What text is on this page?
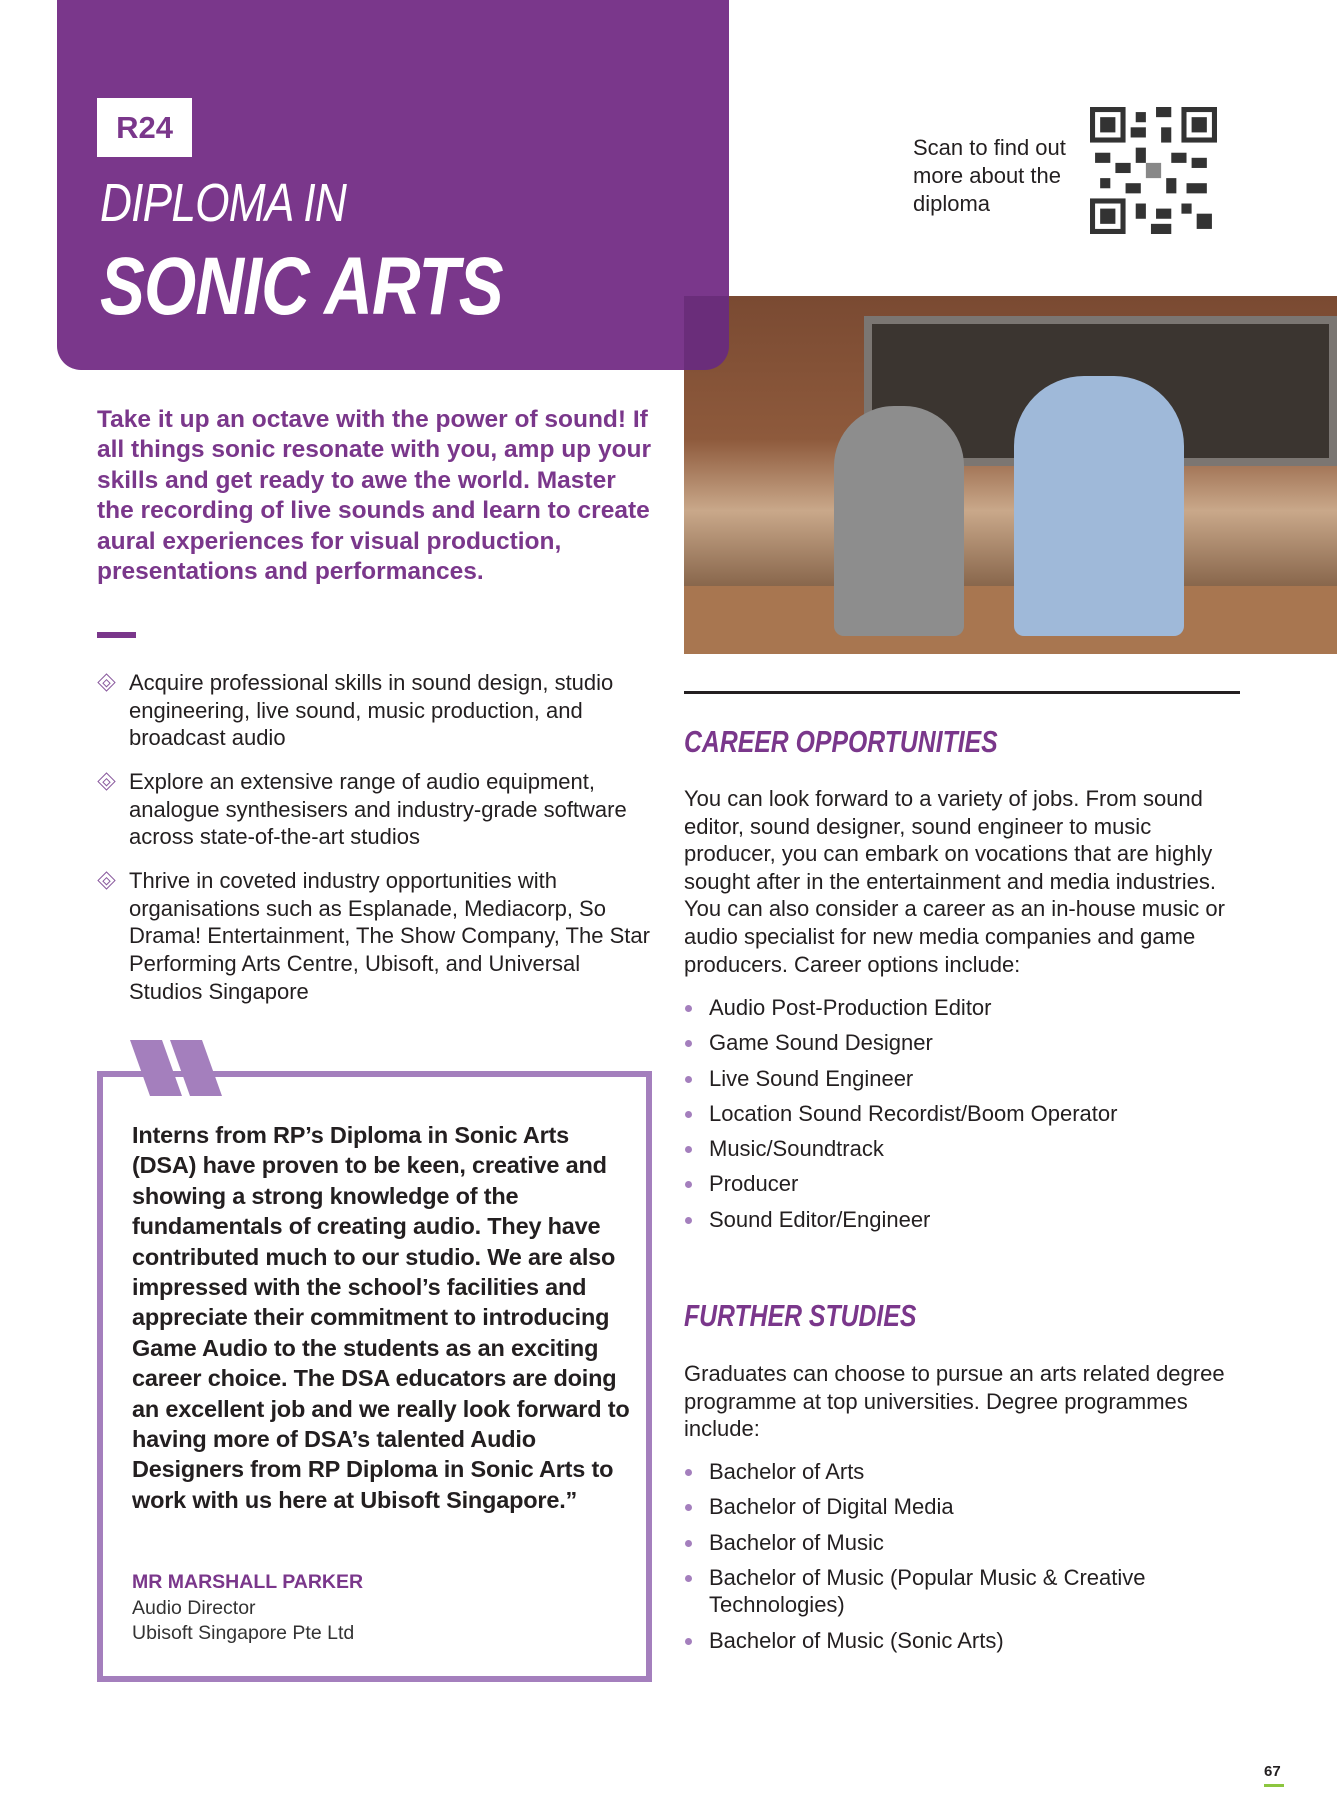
R24
DIPLOMA IN
SONIC ARTS
Scan to find out more about the diploma
Take it up an octave with the power of sound! If all things sonic resonate with you, amp up your skills and get ready to awe the world. Master the recording of live sounds and learn to create aural experiences for visual production, presentations and performances.
Acquire professional skills in sound design, studio engineering, live sound, music production, and broadcast audio
Explore an extensive range of audio equipment, analogue synthesisers and industry-grade software across state-of-the-art studios
Thrive in coveted industry opportunities with organisations such as Esplanade, Mediacorp, So Drama! Entertainment, The Show Company, The Star Performing Arts Centre, Ubisoft, and Universal Studios Singapore
Interns from RP’s Diploma in Sonic Arts (DSA) have proven to be keen, creative and showing a strong knowledge of the fundamentals of creating audio. They have contributed much to our studio. We are also impressed with the school’s facilities and appreciate their commitment to introducing Game Audio to the students as an exciting career choice. The DSA educators are doing an excellent job and we really look forward to having more of DSA’s talented Audio Designers from RP Diploma in Sonic Arts to work with us here at Ubisoft Singapore.”
MR MARSHALL PARKER
Audio Director
Ubisoft Singapore Pte Ltd
CAREER OPPORTUNITIES
You can look forward to a variety of jobs. From sound editor, sound designer, sound engineer to music producer, you can embark on vocations that are highly sought after in the entertainment and media industries. You can also consider a career as an in-house music or audio specialist for new media companies and game producers. Career options include:
Audio Post-Production Editor
Game Sound Designer
Live Sound Engineer
Location Sound Recordist/Boom Operator
Music/Soundtrack
Producer
Sound Editor/Engineer
FURTHER STUDIES
Graduates can choose to pursue an arts related degree programme at top universities. Degree programmes include:
Bachelor of Arts
Bachelor of Digital Media
Bachelor of Music
Bachelor of Music (Popular Music & Creative Technologies)
Bachelor of Music (Sonic Arts)
67
